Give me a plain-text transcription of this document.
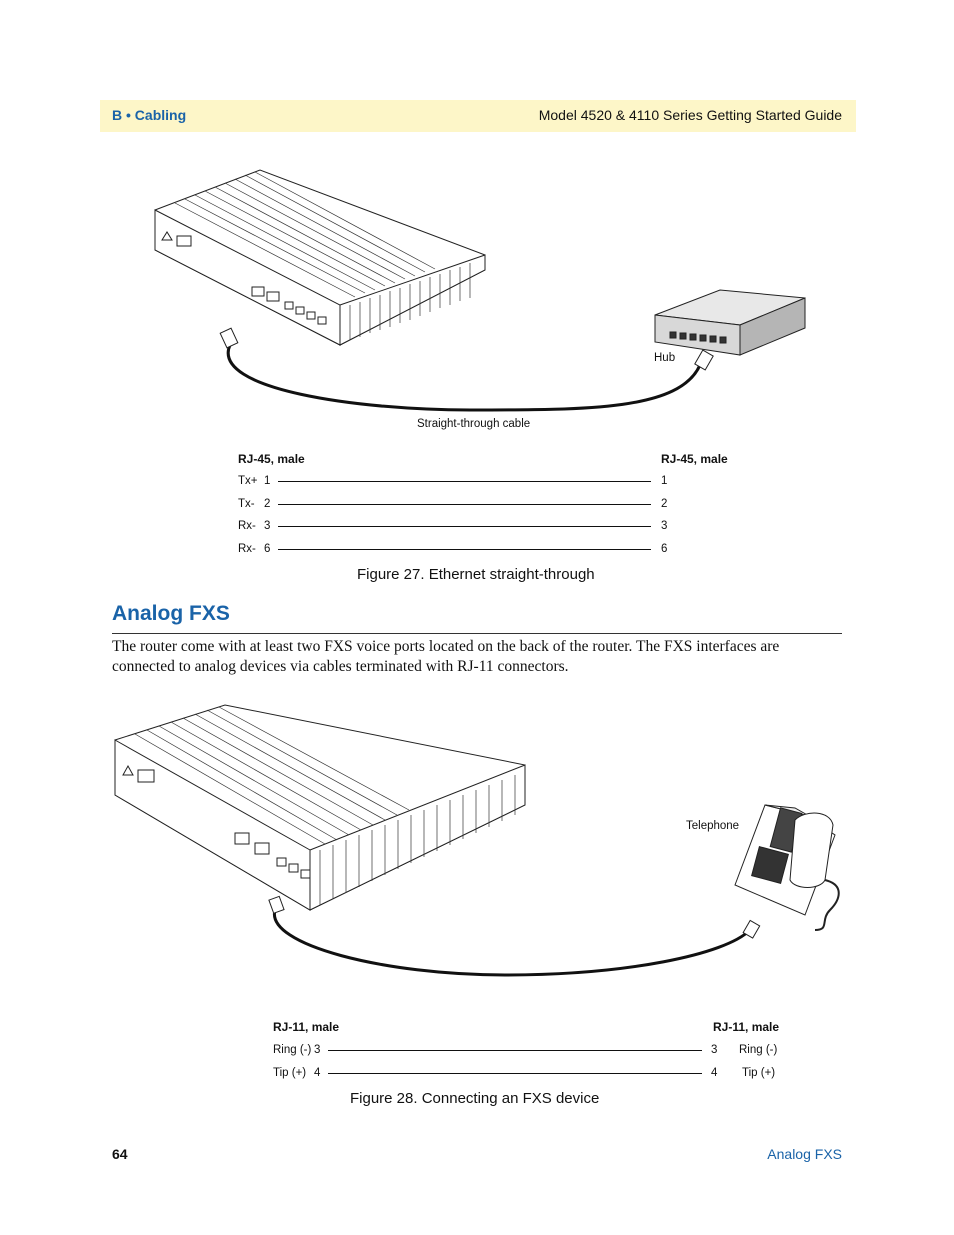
B • Cabling	Model 4520 & 4110 Series Getting Started Guide
Hub
Straight-through cable
RJ-45, male	RJ-45, male
Tx+ 1	1
Tx- 2	2
Rx- 3	3
Rx- 6	6
Figure 27. Ethernet straight-through
Analog FXS
The router come with at least two FXS voice ports located on the back of the router. The FXS interfaces are connected to analog devices via cables terminated with RJ-11 connectors.
Telephone
RJ-11, male	RJ-11, male
Ring (-) 3	3 Ring (-)
Tip (+) 4	4 Tip (+)
Figure 28. Connecting an FXS device
64	Analog FXS
